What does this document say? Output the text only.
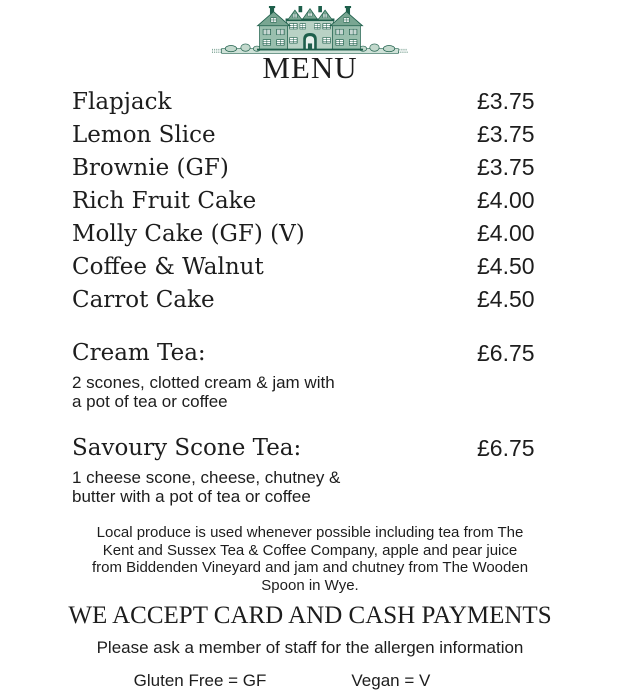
MENU
Flapjack	£3.75
Lemon Slice	£3.75
Brownie (GF)	£3.75
Rich Fruit Cake	£4.00
Molly Cake (GF) (V)	£4.00
Coffee & Walnut	£4.50
Carrot Cake	£4.50
Cream Tea:	£6.75
2 scones, clotted cream & jam with
a pot of tea or coffee
Savoury Scone Tea:	£6.75
1 cheese scone, cheese, chutney &
butter with a pot of tea or coffee
Local produce is used whenever possible including tea from The
Kent and Sussex Tea & Coffee Company, apple and pear juice
from Biddenden Vineyard and jam and chutney from The Wooden
Spoon in Wye.
WE ACCEPT CARD AND CASH PAYMENTS
Please ask a member of staff for the allergen information
Gluten Free = GF	Vegan = V
